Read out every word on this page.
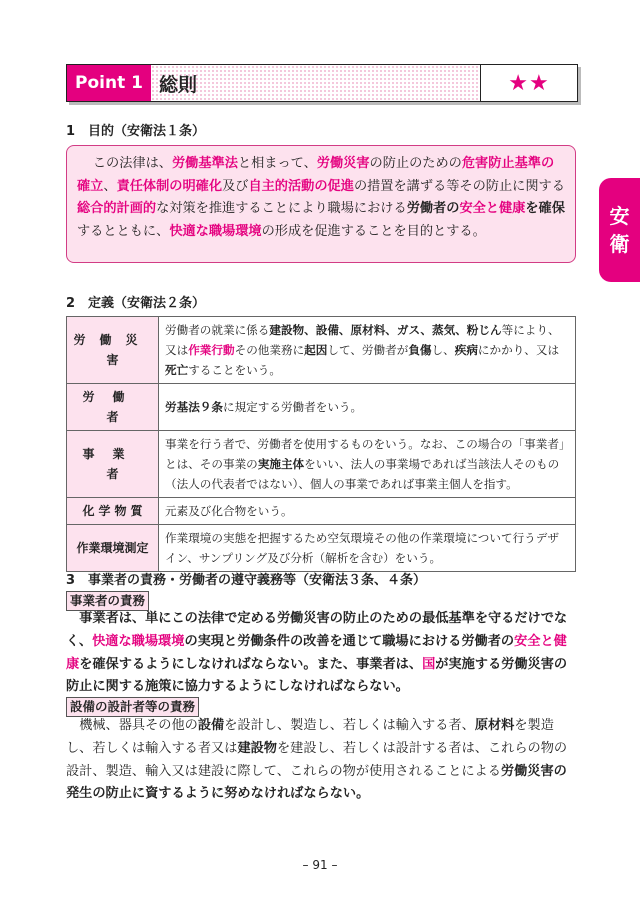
Point 1 総則	★★
安
衛
1　目的（安衛法１条）
この法律は、労働基準法と相まって、労働災害の防止のための危害防止基準の確立、責任体制の明確化及び自主的活動の促進の措置を講ずる等その防止に関する総合的計画的な対策を推進することにより職場における労働者の安全と健康を確保するとともに、快適な職場環境の形成を促進することを目的とする。
2　定義（安衛法２条）
労働災害	労働者の就業に係る建設物、設備、原材料、ガス、蒸気、粉じん等により、又は作業行動その他業務に起因して、労働者が負傷し、疾病にかかり、又は死亡することをいう。
労働者	労基法９条に規定する労働者をいう。
事業者	事業を行う者で、労働者を使用するものをいう。なお、この場合の「事業者」とは、その事業の実施主体をいい、法人の事業場であれば当該法人そのもの（法人の代表者ではない）、個人の事業であれば事業主個人を指す。
化学物質	元素及び化合物をいう。
作業環境測定	作業環境の実態を把握するため空気環境その他の作業環境について行うデザイン、サンプリング及び分析（解析を含む）をいう。
3　事業者の責務・労働者の遵守義務等（安衛法３条、４条）
事業者の責務
事業者は、単にこの法律で定める労働災害の防止のための最低基準を守るだけでなく、快適な職場環境の実現と労働条件の改善を通じて職場における労働者の安全と健康を確保するようにしなければならない。また、事業者は、国が実施する労働災害の防止に関する施策に協力するようにしなければならない。
設備の設計者等の責務
機械、器具その他の設備を設計し、製造し、若しくは輸入する者、原材料を製造し、若しくは輸入する者又は建設物を建設し、若しくは設計する者は、これらの物の設計、製造、輸入又は建設に際して、これらの物が使用されることによる労働災害の発生の防止に資するように努めなければならない。
– 91 –
